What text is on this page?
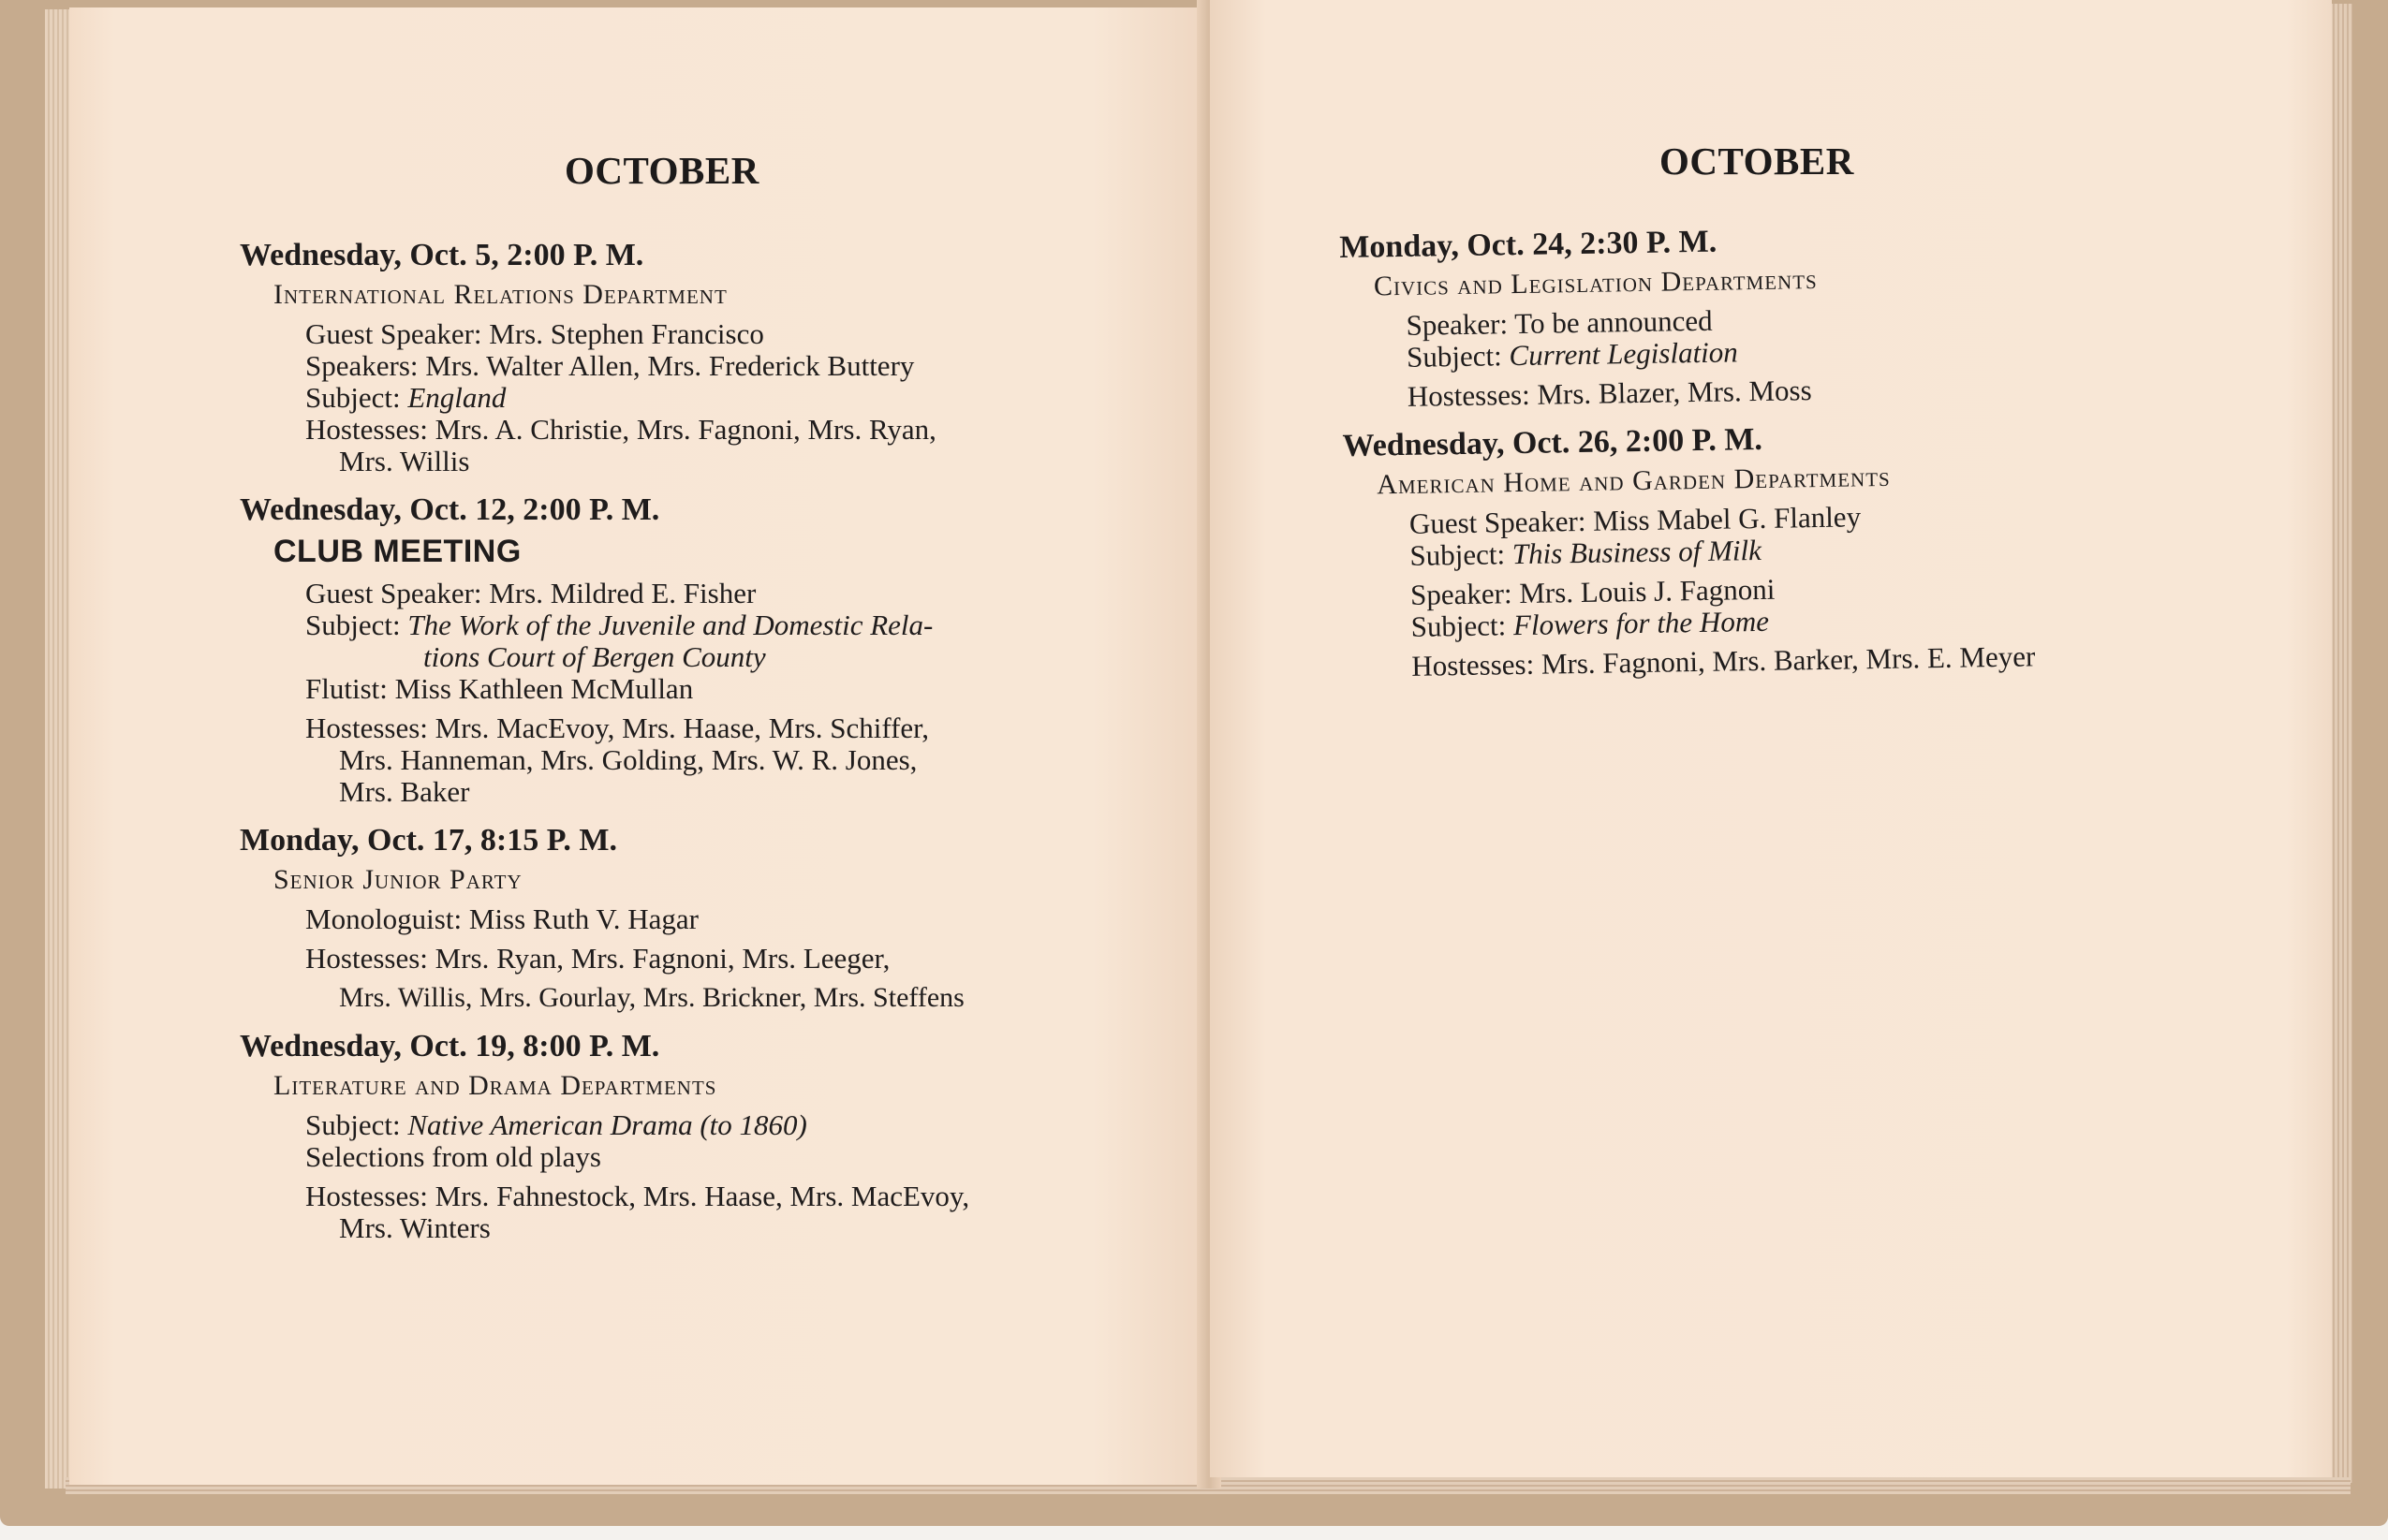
OCTOBER
Wednesday, Oct. 5, 2:00 P. M.
International Relations Department
Guest Speaker: Mrs. Stephen Francisco
Speakers: Mrs. Walter Allen, Mrs. Frederick Buttery
Subject: England
Hostesses: Mrs. A. Christie, Mrs. Fagnoni, Mrs. Ryan,
Mrs. Willis
Wednesday, Oct. 12, 2:00 P. M.
CLUB MEETING
Guest Speaker: Mrs. Mildred E. Fisher
Subject: The Work of the Juvenile and Domestic Rela-
tions Court of Bergen County
Flutist: Miss Kathleen McMullan
Hostesses: Mrs. MacEvoy, Mrs. Haase, Mrs. Schiffer,
Mrs. Hanneman, Mrs. Golding, Mrs. W. R. Jones,
Mrs. Baker
Monday, Oct. 17, 8:15 P. M.
Senior Junior Party
Monologuist: Miss Ruth V. Hagar
Hostesses: Mrs. Ryan, Mrs. Fagnoni, Mrs. Leeger,
Mrs. Willis, Mrs. Gourlay, Mrs. Brickner, Mrs. Steffens
Wednesday, Oct. 19, 8:00 P. M.
Literature and Drama Departments
Subject: Native American Drama (to 1860)
Selections from old plays
Hostesses: Mrs. Fahnestock, Mrs. Haase, Mrs. MacEvoy,
Mrs. Winters
OCTOBER
Monday, Oct. 24, 2:30 P. M.
Civics and Legislation Departments
Speaker: To be announced
Subject: Current Legislation
Hostesses: Mrs. Blazer, Mrs. Moss
Wednesday, Oct. 26, 2:00 P. M.
American Home and Garden Departments
Guest Speaker: Miss Mabel G. Flanley
Subject: This Business of Milk
Speaker: Mrs. Louis J. Fagnoni
Subject: Flowers for the Home
Hostesses: Mrs. Fagnoni, Mrs. Barker, Mrs. E. Meyer
